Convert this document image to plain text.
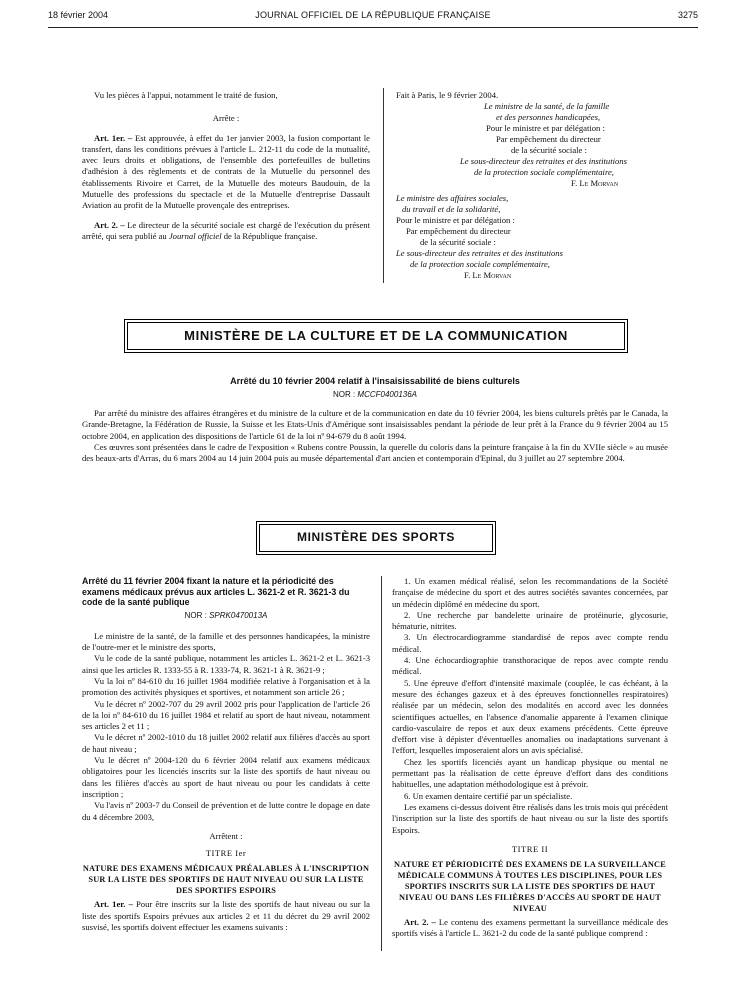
18 février 2004	JOURNAL OFFICIEL DE LA RÉPUBLIQUE FRANÇAISE	3275

Vu les pièces à l'appui, notamment le traité de fusion,

Arrête :

Art. 1er. – Est approuvée, à effet du 1er janvier 2003, la fusion comportant le transfert, dans les conditions prévues à l'article L. 212-11 du code de la mutualité, avec leurs droits et obligations, de l'ensemble des portefeuilles de bulletins d'adhésion à des règlements et de contrats de la Mutuelle du personnel des établissements Rivoire et Carret, de la Mutuelle des moteurs Baudouin, de la Mutuelle des professions du spectacle et de la Mutuelle d'entreprise Dassault Aviation au profit de la Mutuelle provençale des entreprises.

Art. 2. – Le directeur de la sécurité sociale est chargé de l'exécution du présent arrêté, qui sera publié au Journal officiel de la République française.

Fait à Paris, le 9 février 2004.
Le ministre de la santé, de la famille
et des personnes handicapées,
Pour le ministre et par délégation :
Par empêchement du directeur
de la sécurité sociale :
Le sous-directeur des retraites et des institutions
de la protection sociale complémentaire,
F. Le Morvan
Le ministre des affaires sociales,
du travail et de la solidarité,
Pour le ministre et par délégation :
Par empêchement du directeur
de la sécurité sociale :
Le sous-directeur des retraites et des institutions
de la protection sociale complémentaire,
F. Le Morvan
MINISTÈRE DE LA CULTURE ET DE LA COMMUNICATION
Arrêté du 10 février 2004 relatif à l'insaisissabilité de biens culturels
NOR : MCCF0400136A

Par arrêté du ministre des affaires étrangères et du ministre de la culture et de la communication en date du 10 février 2004, les biens culturels prêtés par le Canada, la Grande-Bretagne, la Fédération de Russie, la Suisse et les Etats-Unis d'Amérique sont insaisissables pendant la période de leur prêt à la France du 9 février 2004 au 15 octobre 2004, en application des dispositions de l'article 61 de la loi nº 94-679 du 8 août 1994.

Ces œuvres sont présentées dans le cadre de l'exposition « Rubens contre Poussin, la querelle du coloris dans la peinture française à la fin du XVIIe siècle » au musée des beaux-arts d'Arras, du 6 mars 2004 au 14 juin 2004 puis au musée départemental d'art ancien et contemporain d'Epinal, du 3 juillet au 27 septembre 2004.

MINISTÈRE DES SPORTS
Arrêté du 11 février 2004 fixant la nature et la périodicité des examens médicaux prévus aux articles L. 3621-2 et R. 3621-3 du code de la santé publique
NOR : SPRK0470013A

Le ministre de la santé, de la famille et des personnes handicapées, la ministre de l'outre-mer et le ministre des sports,

Vu le code de la santé publique, notamment les articles L. 3621-2 et L. 3621-3 ainsi que les articles R. 1333-55 à R. 1333-74, R. 3621-1 à R. 3621-9 ;

Vu la loi nº 84-610 du 16 juillet 1984 modifiée relative à l'organisation et à la promotion des activités physiques et sportives, et notamment son article 26 ;

Vu le décret nº 2002-707 du 29 avril 2002 pris pour l'application de l'article 26 de la loi nº 84-610 du 16 juillet 1984 et relatif au sport de haut niveau, notamment ses articles 2 et 11 ;

Vu le décret nº 2002-1010 du 18 juillet 2002 relatif aux filières d'accès au sport de haut niveau ;

Vu le décret nº 2004-120 du 6 février 2004 relatif aux examens médicaux obligatoires pour les licenciés inscrits sur la liste des sportifs de haut niveau ou dans les filières d'accès au sport de haut niveau ou pour les candidats à cette inscription ;

Vu l'avis nº 2003-7 du Conseil de prévention et de lutte contre le dopage en date du 4 décembre 2003,

Arrêtent :

TITRE Ier

NATURE DES EXAMENS MÉDICAUX PRÉALABLES À L'INSCRIPTION SUR LA LISTE DES SPORTIFS DE HAUT NIVEAU OU SUR LA LISTE DES SPORTIFS ESPOIRS

Art. 1er. – Pour être inscrits sur la liste des sportifs de haut niveau ou sur la liste des sportifs Espoirs prévues aux articles 2 et 11 du décret du 29 avril 2002 susvisé, les sportifs doivent effectuer les examens suivants :

1. Un examen médical réalisé, selon les recommandations de la Société française de médecine du sport et des autres sociétés savantes concernées, par un médecin diplômé en médecine du sport.

2. Une recherche par bandelette urinaire de protéinurie, glycosurie, hématurie, nitrites.

3. Un électrocardiogramme standardisé de repos avec compte rendu médical.

4. Une échocardiographie transthoracique de repos avec compte rendu médical.

5. Une épreuve d'effort d'intensité maximale (couplée, le cas échéant, à la mesure des échanges gazeux et à des épreuves fonctionnelles respiratoires) réalisée par un médecin, selon des modalités en accord avec les données scientifiques actuelles, en l'absence d'anomalie apparente à l'examen clinique cardio-vasculaire de repos et aux deux examens précédents. Cette épreuve d'effort vise à dépister d'éventuelles anomalies ou inadaptations survenant à l'effort, lesquelles imposeraient alors un avis spécialisé.

Chez les sportifs licenciés ayant un handicap physique ou mental ne permettant pas la réalisation de cette épreuve d'effort dans des conditions habituelles, une adaptation méthodologique est à prévoir.

6. Un examen dentaire certifié par un spécialiste.

Les examens ci-dessus doivent être réalisés dans les trois mois qui précèdent l'inscription sur la liste des sportifs de haut niveau ou sur la liste des sportifs Espoirs.

TITRE II

NATURE ET PÉRIODICITÉ DES EXAMENS DE LA SURVEILLANCE MÉDICALE COMMUNS À TOUTES LES DISCIPLINES, POUR LES SPORTIFS INSCRITS SUR LA LISTE DES SPORTIFS DE HAUT NIVEAU OU DANS LES FILIÈRES D'ACCÈS AU SPORT DE HAUT NIVEAU

Art. 2. – Le contenu des examens permettant la surveillance médicale des sportifs visés à l'article L. 3621-2 du code de la santé publique comprend :
